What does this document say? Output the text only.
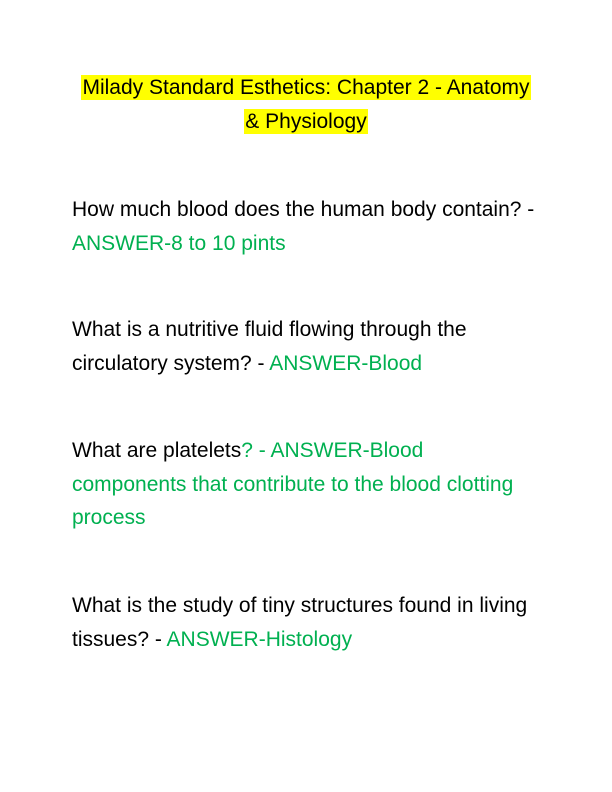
Milady Standard Esthetics: Chapter 2 - Anatomy
& Physiology
How much blood does the human body contain? - ANSWER-8 to 10 pints
What is a nutritive fluid flowing through the circulatory system? - ANSWER-Blood
What are platelets? - ANSWER-Blood components that contribute to the blood clotting process
What is the study of tiny structures found in living tissues? - ANSWER-Histology
